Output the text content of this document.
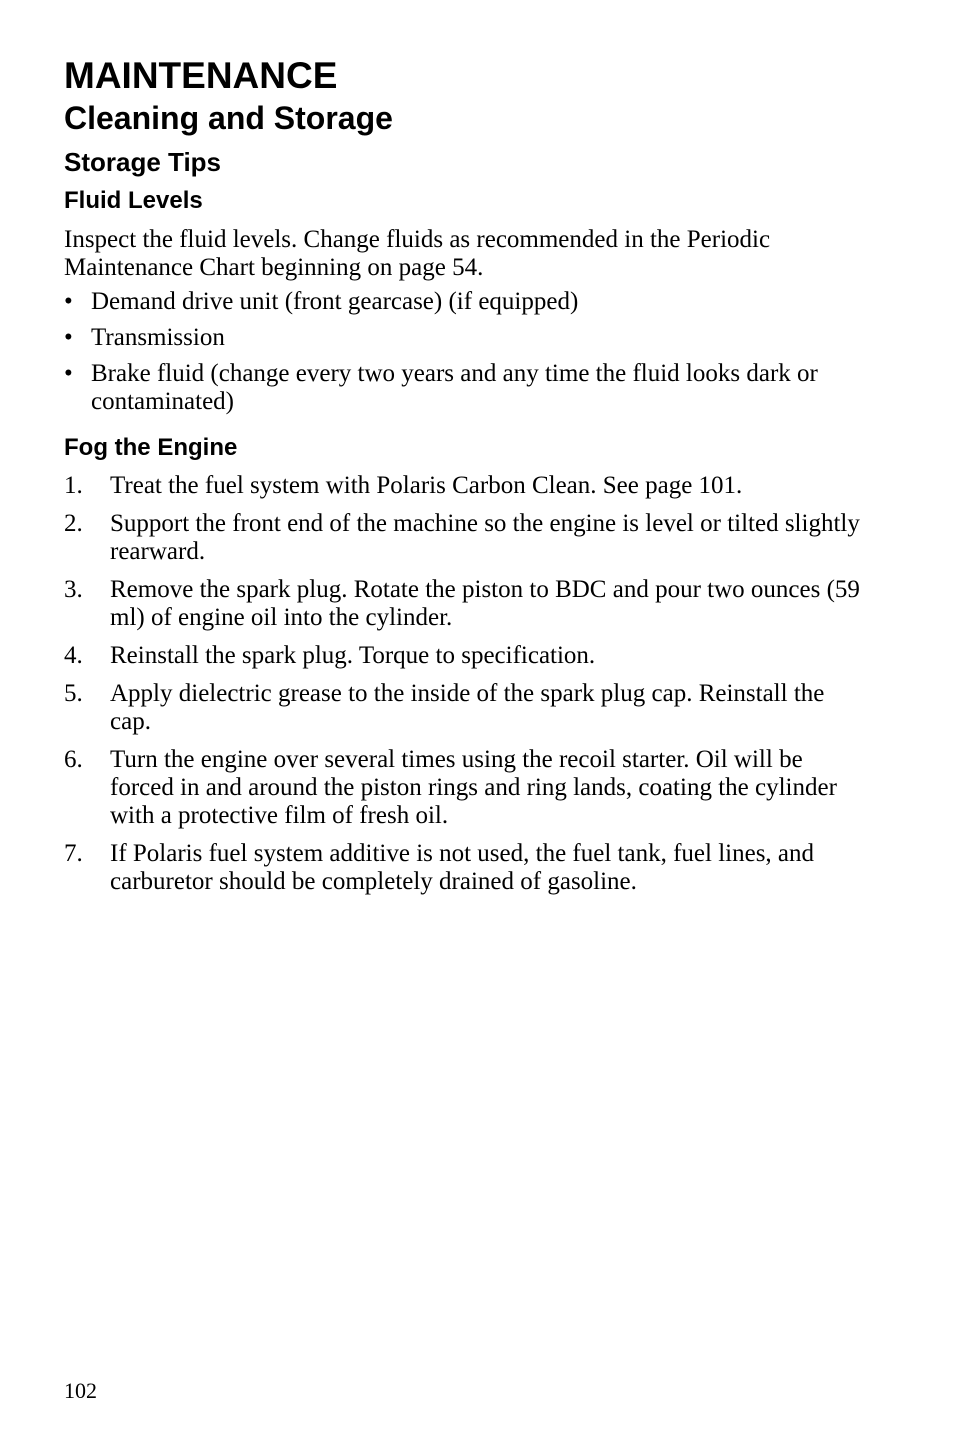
MAINTENANCE
Cleaning and Storage
Storage Tips
Fluid Levels

Inspect the fluid levels. Change fluids as recommended in the Periodic Maintenance Chart beginning on page 54.

• Demand drive unit (front gearcase) (if equipped)
• Transmission
• Brake fluid (change every two years and any time the fluid looks dark or contaminated)
Fog the Engine
1. Treat the fuel system with Polaris Carbon Clean. See page 101.
2. Support the front end of the machine so the engine is level or tilted slightly rearward.
3. Remove the spark plug. Rotate the piston to BDC and pour two ounces (59 ml) of engine oil into the cylinder.
4. Reinstall the spark plug. Torque to specification.
5. Apply dielectric grease to the inside of the spark plug cap. Reinstall the cap.
6. Turn the engine over several times using the recoil starter. Oil will be forced in and around the piston rings and ring lands, coating the cylinder with a protective film of fresh oil.
7. If Polaris fuel system additive is not used, the fuel tank, fuel lines, and carburetor should be completely drained of gasoline.
102
